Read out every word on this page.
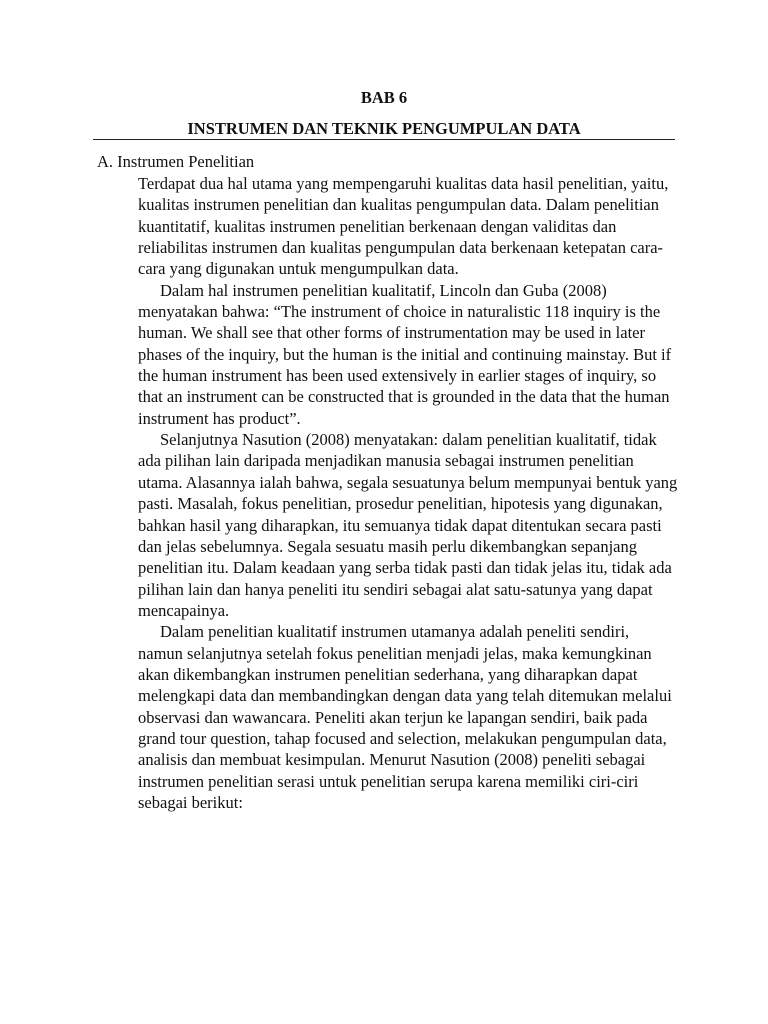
BAB 6
INSTRUMEN DAN TEKNIK PENGUMPULAN DATA
A. Instrumen Penelitian

Terdapat dua hal utama yang mempengaruhi kualitas data hasil penelitian, yaitu, kualitas instrumen penelitian dan kualitas pengumpulan data. Dalam penelitian kuantitatif, kualitas instrumen penelitian berkenaan dengan validitas dan reliabilitas instrumen dan kualitas pengumpulan data berkenaan ketepatan cara-cara yang digunakan untuk mengumpulkan data.

Dalam hal instrumen penelitian kualitatif, Lincoln dan Guba (2008) menyatakan bahwa: “The instrument of choice in naturalistic 118 inquiry is the human. We shall see that other forms of instrumentation may be used in later phases of the inquiry, but the human is the initial and continuing mainstay. But if the human instrument has been used extensively in earlier stages of inquiry, so that an instrument can be constructed that is grounded in the data that the human instrument has product”.

Selanjutnya Nasution (2008) menyatakan: dalam penelitian kualitatif, tidak ada pilihan lain daripada menjadikan manusia sebagai instrumen penelitian utama. Alasannya ialah bahwa, segala sesuatunya belum mempunyai bentuk yang pasti. Masalah, fokus penelitian, prosedur penelitian, hipotesis yang digunakan, bahkan hasil yang diharapkan, itu semuanya tidak dapat ditentukan secara pasti dan jelas sebelumnya. Segala sesuatu masih perlu dikembangkan sepanjang penelitian itu. Dalam keadaan yang serba tidak pasti dan tidak jelas itu, tidak ada pilihan lain dan hanya peneliti itu sendiri sebagai alat satu-satunya yang dapat mencapainya.

Dalam penelitian kualitatif instrumen utamanya adalah peneliti sendiri, namun selanjutnya setelah fokus penelitian menjadi jelas, maka kemungkinan akan dikembangkan instrumen penelitian sederhana, yang diharapkan dapat melengkapi data dan membandingkan dengan data yang telah ditemukan melalui observasi dan wawancara. Peneliti akan terjun ke lapangan sendiri, baik pada grand tour question, tahap focused and selection, melakukan pengumpulan data, analisis dan membuat kesimpulan. Menurut Nasution (2008) peneliti sebagai instrumen penelitian serasi untuk penelitian serupa karena memiliki ciri-ciri sebagai berikut:
